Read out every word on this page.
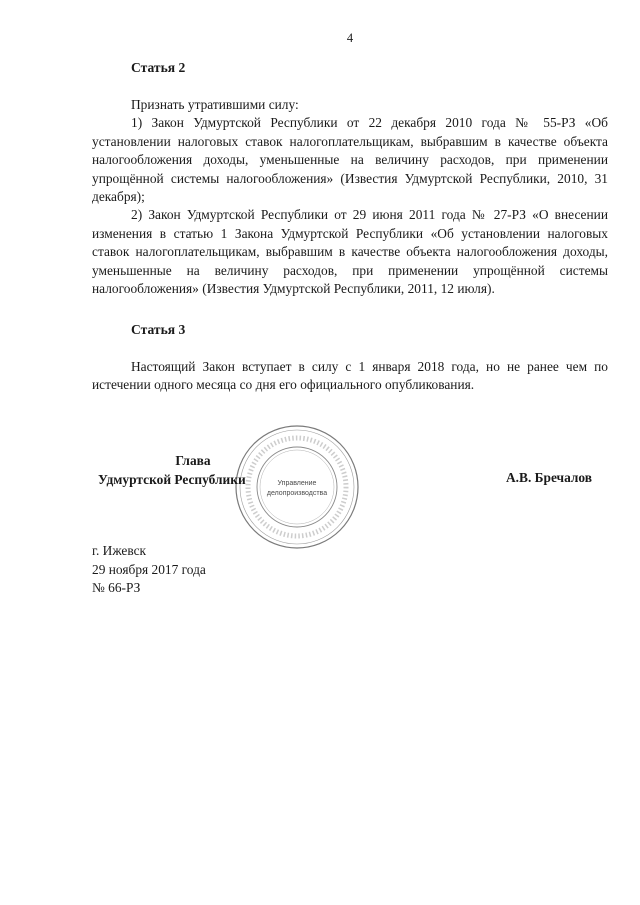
4
Статья 2

Признать утратившими силу:

1) Закон Удмуртской Республики от 22 декабря 2010 года № 55-РЗ «Об установлении налоговых ставок налогоплательщикам, выбравшим в качестве объекта налогообложения доходы, уменьшенные на величину расходов, при применении упрощённой системы налогообложения» (Известия Удмуртской Республики, 2010, 31 декабря);

2) Закон Удмуртской Республики от 29 июня 2011 года № 27-РЗ «О внесении изменения в статью 1 Закона Удмуртской Республики «Об установлении налоговых ставок налогоплательщикам, выбравшим в качестве объекта налогообложения доходы, уменьшенные на величину расходов, при применении упрощённой системы налогообложения» (Известия Удмуртской Республики, 2011, 12 июля).

Статья 3

Настоящий Закон вступает в силу с 1 января 2018 года, но не ранее чем по истечении одного месяца со дня его официального опубликования.

Управление
делопроизводства
Глава
Удмуртской Республики	А.В. Бречалов
г. Ижевск
29 ноября 2017 года
№ 66-РЗ
